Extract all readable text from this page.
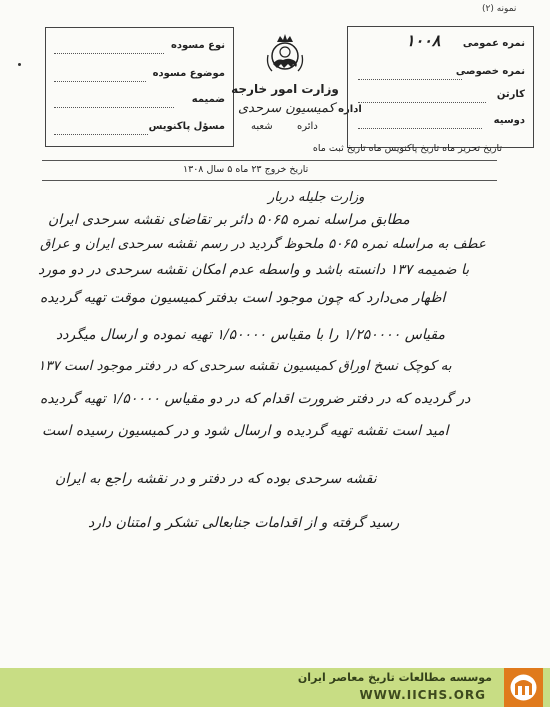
نمونه (۲)
نوع مسوده
موضوع مسوده
ضمیمه
مسؤل پاکنویس
وزارت امور خارجه
اداره کمیسیون سرحدی
دائره
شعبه
نمره عمومی
۱۰۰۸
نمره خصوصی
کارتن
دوسیه
تاریخ تحریر ماه تاریخ پاکنویس ماه تاریخ ثبت ماه
تاریخ خروج ۲۳ ماه ۵ سال ۱۳۰۸
وزارت جلیله دربار
مطابق مراسله نمره ۵۰۶۵ دائر بر تقاضای نقشه سرحدی ایران
عطف به مراسله نمره ۵۰۶۵ ملحوظ گردید در رسم نقشه سرحدی ایران و عراق
با ضمیمه ۱۳۷ دانسته باشد و واسطه عدم امکان نقشه سرحدی در دو مورد
اظهار می‌دارد که چون موجود است بدفتر کمیسیون موقت تهیه گردیده
مقیاس ۱/۲۵۰۰۰۰ را با مقیاس ۱/۵۰۰۰۰ تهیه نموده و ارسال میگردد
به کوچک نسخ اوراق کمیسیون نقشه سرحدی که در دفتر موجود است ۱۳۷
در گردیده که در دفتر ضرورت اقدام که در دو مقیاس ۱/۵۰۰۰۰ تهیه گردیده
امید است نقشه تهیه گردیده و ارسال شود و در کمیسیون رسیده است
نقشه سرحدی بوده که در دفتر و در نقشه راجع به ایران
رسید گرفته و از اقدامات جنابعالی تشکر و امتنان دارد
موسسه مطالعات تاریخ معاصر ایران
WWW.IICHS.ORG
